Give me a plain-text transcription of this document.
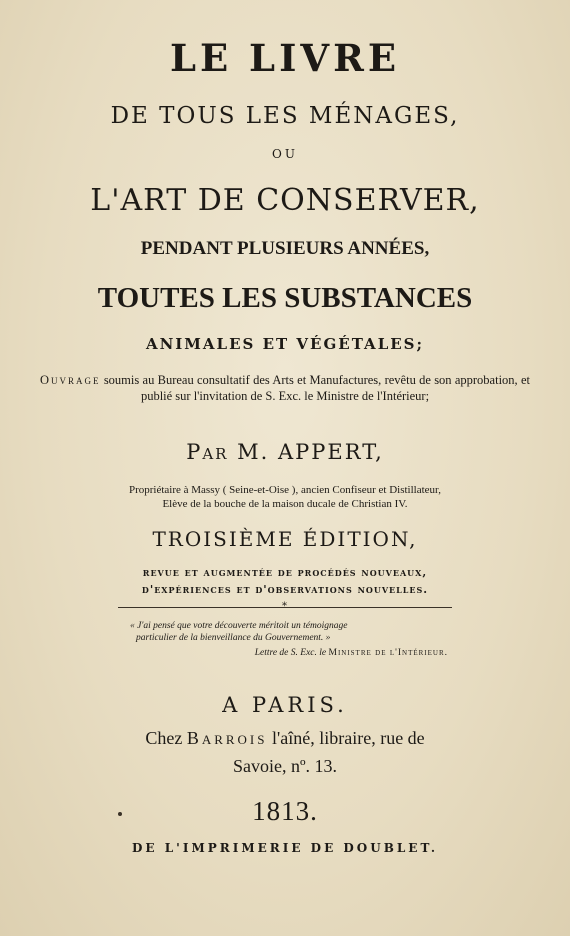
LE LIVRE
DE TOUS LES MÉNAGES,
OU
L'ART DE CONSERVER,
PENDANT PLUSIEURS ANNÉES,
TOUTES LES SUBSTANCES
ANIMALES ET VÉGÉTALES;
Ouvrage soumis au Bureau consultatif des Arts et Manufactures, revêtu de son approbation, et publié sur l'invitation de S. Exc. le Ministre de l'Intérieur;
Par M. APPERT,
Propriétaire à Massy ( Seine-et-Oise ), ancien Confiseur et Distillateur,
Elève de la bouche de la maison ducale de Christian IV.
TROISIÈME ÉDITION,
revue et augmentée de procédés nouveaux,
d'expériences et d'observations nouvelles.
*
« J'ai pensé que votre découverte méritoit un témoignage
particulier de la bienveillance du Gouvernement. »
Lettre de S. Exc. le Ministre de l'Intérieur.
A PARIS.
Chez Barrois l'aîné, libraire, rue de
Savoie, nº. 13.
1813.
DE L'IMPRIMERIE DE DOUBLET.
